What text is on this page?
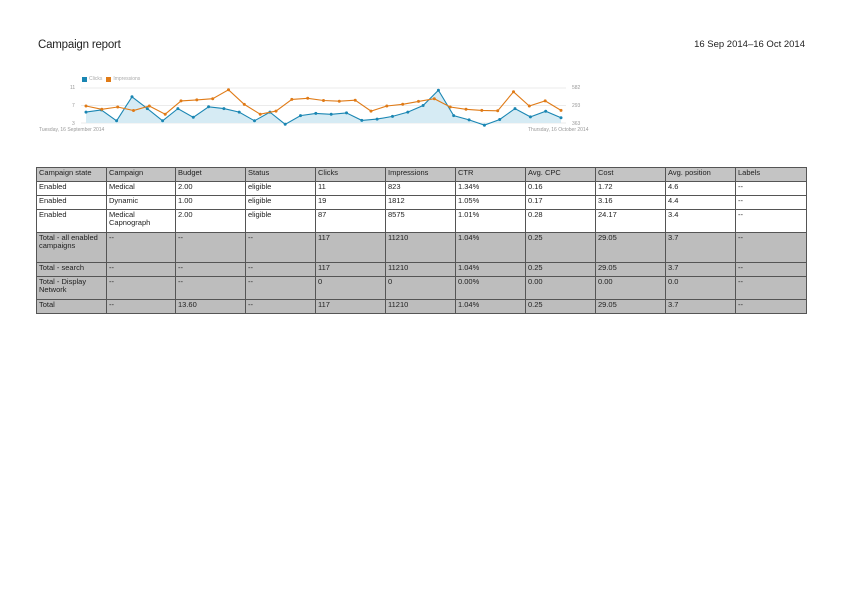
Campaign report	16 Sep 2014–16 Oct 2014
Clicks Impressions
11
7
3
582
293
363
Tuesday, 16 September 2014	Thursday, 16 October 2014
Campaign state	Campaign	Budget	Status	Clicks	Impressions	CTR	Avg. CPC	Cost	Avg. position	Labels
Enabled	Medical	2.00	eligible	11	823	1.34%	0.16	1.72	4.6	--
Enabled	Dynamic	1.00	eligible	19	1812	1.05%	0.17	3.16	4.4	--
Enabled	Medical Capnograph	2.00	eligible	87	8575	1.01%	0.28	24.17	3.4	--
Total - all enabled campaigns	--	--	--	117	11210	1.04%	0.25	29.05	3.7	--
Total - search	--	--	--	117	11210	1.04%	0.25	29.05	3.7	--
Total - Display Network	--	--	--	0	0	0.00%	0.00	0.00	0.0	--
Total	--	13.60	--	117	11210	1.04%	0.25	29.05	3.7	--
